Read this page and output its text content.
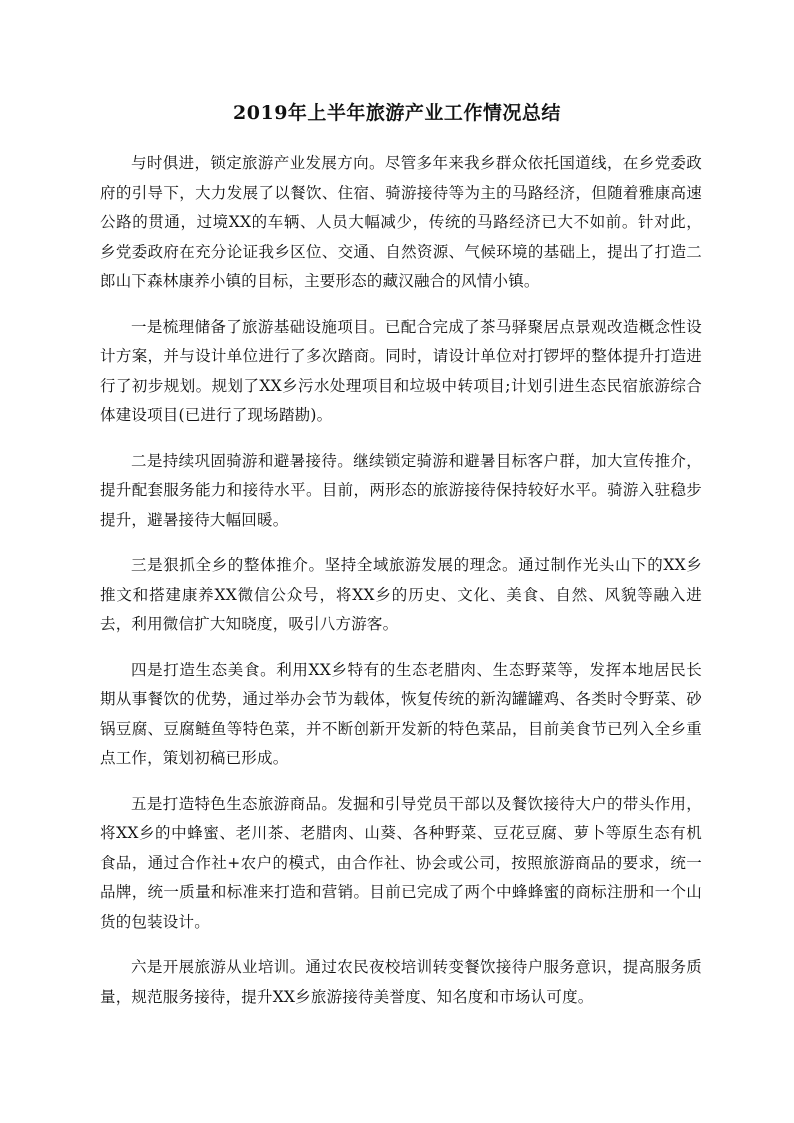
2019年上半年旅游产业工作情况总结

与时俱进，锁定旅游产业发展方向。尽管多年来我乡群众依托国道线，在乡党委政府的引导下，大力发展了以餐饮、住宿、骑游接待等为主的马路经济，但随着雅康高速公路的贯通，过境XX的车辆、人员大幅减少，传统的马路经济已大不如前。针对此，乡党委政府在充分论证我乡区位、交通、自然资源、气候环境的基础上，提出了打造二郎山下森林康养小镇的目标，主要形态的藏汉融合的风情小镇。

一是梳理储备了旅游基础设施项目。已配合完成了茶马驿聚居点景观改造概念性设计方案，并与设计单位进行了多次踏商。同时，请设计单位对打锣坪的整体提升打造进行了初步规划。规划了XX乡污水处理项目和垃圾中转项目;计划引进生态民宿旅游综合体建设项目(已进行了现场踏勘)。

二是持续巩固骑游和避暑接待。继续锁定骑游和避暑目标客户群，加大宣传推介，提升配套服务能力和接待水平。目前，两形态的旅游接待保持较好水平。骑游入驻稳步提升，避暑接待大幅回暖。

三是狠抓全乡的整体推介。坚持全域旅游发展的理念。通过制作光头山下的XX乡推文和搭建康养XX微信公众号，将XX乡的历史、文化、美食、自然、风貌等融入进去，利用微信扩大知晓度，吸引八方游客。

四是打造生态美食。利用XX乡特有的生态老腊肉、生态野菜等，发挥本地居民长期从事餐饮的优势，通过举办会节为载体，恢复传统的新沟罐罐鸡、各类时令野菜、砂锅豆腐、豆腐鲢鱼等特色菜，并不断创新开发新的特色菜品，目前美食节已列入全乡重点工作，策划初稿已形成。

五是打造特色生态旅游商品。发掘和引导党员干部以及餐饮接待大户的带头作用，将XX乡的中蜂蜜、老川茶、老腊肉、山葵、各种野菜、豆花豆腐、萝卜等原生态有机食品，通过合作社+农户的模式，由合作社、协会或公司，按照旅游商品的要求，统一品牌，统一质量和标准来打造和营销。目前已完成了两个中蜂蜂蜜的商标注册和一个山货的包装设计。

六是开展旅游从业培训。通过农民夜校培训转变餐饮接待户服务意识，提高服务质量，规范服务接待，提升XX乡旅游接待美誉度、知名度和市场认可度。
